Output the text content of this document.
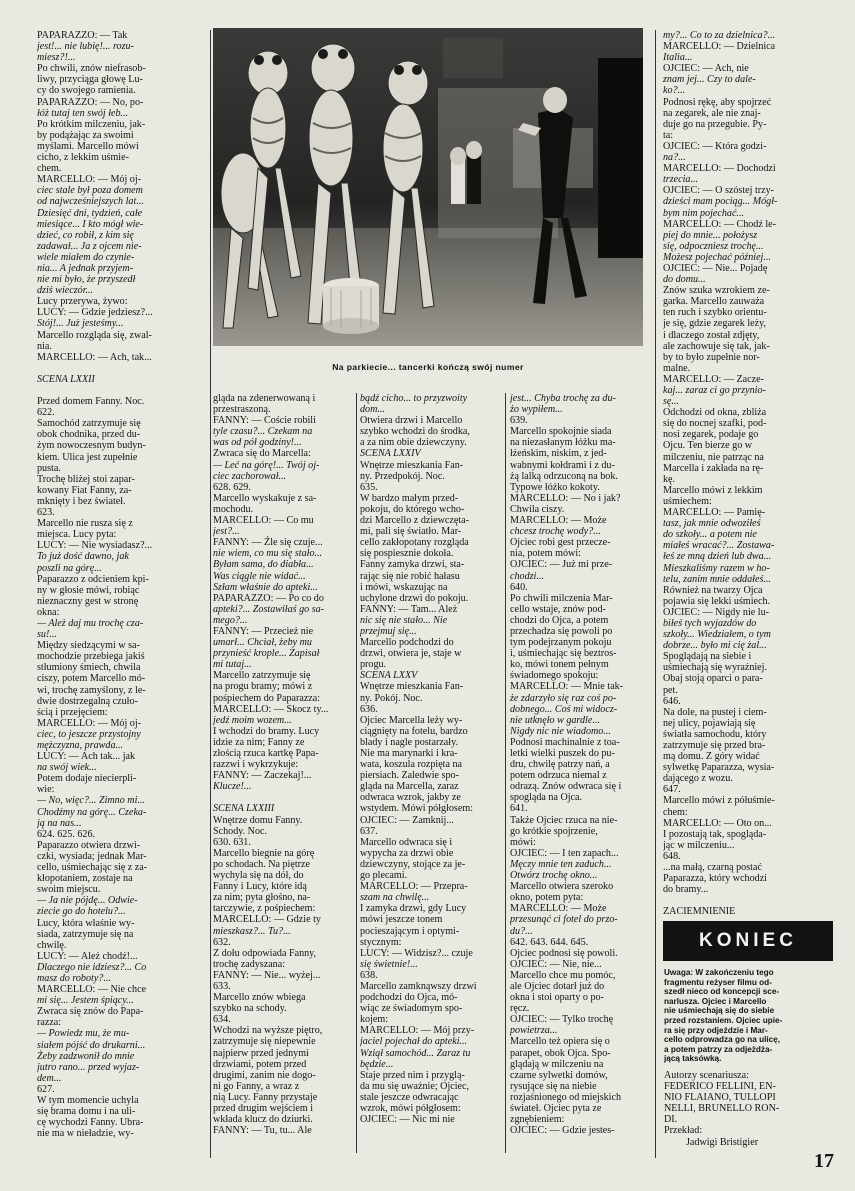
Na parkiecie... tancerki kończą swój numer

PAPARAZZO: — Tak

jest!... nie lubię!... rozu-

miesz?!...

Po chwili, znów niefrasob-

liwy, przyciąga głowę Lu-

cy do swojego ramienia.

PAPARAZZO: — No, po-

łóż tutaj ten swój łeb...

Po krótkim milczeniu, jak-

by podążając za swoimi

myślami. Marcello mówi

cicho, z lekkim uśmie-

chem.

MARCELLO: — Mój oj-

ciec stale był poza domem

od najwcześniejszych lat...

Dziesięć dni, tydzień, całe

miesiące... I kto mógł wie-

dzieć, co robił, z kim się

zadawał... Ja z ojcem nie-

wiele miałem do czynie-

nia... A jednak przyjem-

nie mi było, że przyszedł

dziś wieczór...

Lucy przerywa, żywo:

LUCY: — Gdzie jedziesz?...

Stój!... Już jesteśmy...

Marcello rozgląda się, zwal-

nia.

MARCELLO: — Ach, tak...

SCENA LXXII

Przed domem Fanny. Noc.

622.

Samochód zatrzymuje się

obok chodnika, przed du-

żym nowoczesnym budyn-

kiem. Ulica jest zupełnie

pusta.

Trochę bliżej stoi zapar-

kowany Fiat Fanny, za-

mknięty i bez świateł.

623.

Marcello nie rusza się z

miejsca. Lucy pyta:

LUCY: — Nie wysiadasz?...

To już dość dawno, jak

poszli na górę...

Paparazzo z odcieniem kpi-

ny w głosie mówi, robiąc

nieznaczny gest w stronę

okna:

— Ależ daj mu trochę cza-

su!...

Między siedzącymi w sa-

mochodzie przebiega jakiś

stłumiony śmiech, chwila

ciszy, potem Marcello mó-

wi, trochę zamyślony, z le-

dwie dostrzegalną czuło-

ścią i przejęciem:

MARCELLO: — Mój oj-

ciec, to jeszcze przystojny

mężczyzna, prawda...

LUCY: — Ach tak... jak

na swój wiek...

Potem dodaje niecierpli-

wie:

— No, więc?... Zimno mi...

Chodźmy na górę... Czeka-

ją na nas...

624. 625. 626.

Paparazzo otwiera drzwi-

czki, wysiada; jednak Mar-

cello, uśmiechając się z za-

kłopotaniem, zostaje na

swoim miejscu.

— Ja nie pójdę... Odwie-

ziecie go do hotelu?...

Lucy, która właśnie wy-

siada, zatrzymuje się na

chwilę.

LUCY: — Ależ chodź!...

Dlaczego nie idziesz?... Co

masz do roboty?...

MARCELLO: — Nie chce

mi się... Jestem śpiący...

Zwraca się znów do Papa-

razza:

— Powiedz mu, że mu-

siałem pójść do drukarni...

Żeby zadzwonił do mnie

jutro rano... przed wyjaz-

dem...

627.

W tym momencie uchyla

się brama domu i na uli-

cę wychodzi Fanny. Ubra-

nie ma w nieładzie, wy-

gląda na zdenerwowaną i

przestraszoną.

FANNY: — Coście robili

tyle czasu?... Czekam na

was od pół godziny!...

Zwraca się do Marcella:

— Leć na górę!... Twój oj-

ciec zachorował...

628. 629.

Marcello wyskakuje z sa-

mochodu.

MARCELLO: — Co mu

jest?...

FANNY: — Źle się czuje...

nie wiem, co mu się stało...

Byłam sama, do diabła...

Was ciągle nie widać...

Szłam właśnie do apteki...

PAPARAZZO: — Po co do

apteki?... Zostawiłaś go sa-

mego?...

FANNY: — Przecież nie

umarł... Chciał, żeby mu

przynieść krople... Zapisał

mi tutaj...

Marcello zatrzymuje się

na progu bramy; mówi z

pośpiechem do Paparazza:

MARCELLO: — Skocz ty...

jedź moim wozem...

I wchodzi do bramy. Lucy

idzie za nim; Fanny ze

złością rzuca kartkę Papa-

razzwi i wykrzykuje:

FANNY: — Zaczekaj!...

Klucze!...

SCENA LXXIII

Wnętrze domu Fanny.

Schody. Noc.

630. 631.

Marcello biegnie na górę

po schodach. Na piętrze

wychyla się na dół, do

Fanny i Lucy, które idą

za nim; pyta głośno, na-

tarczywie, z pośpiechem:

MARCELLO: — Gdzie ty

mieszkasz?... Tu?...

632.

Z dołu odpowiada Fanny,

trochę zadyszana:

FANNY: — Nie... wyżej...

633.

Marcello znów wbiega

szybko na schody.

634.

Wchodzi na wyższe piętro,

zatrzymuje się niepewnie

najpierw przed jednymi

drzwiami, potem przed

drugimi, zanim nie dogo-

ni go Fanny, a wraz z

nią Lucy. Fanny przystaje

przed drugim wejściem i

wkłada klucz do dziurki.

FANNY: — Tu, tu... Ale

bądź cicho... to przyzwoity

dom...

Otwiera drzwi i Marcello

szybko wchodzi do środka,

a za nim obie dziewczyny.

SCENA LXXIV

Wnętrze mieszkania Fan-

ny. Przedpokój. Noc.

635.

W bardzo małym przed-

pokoju, do którego wcho-

dzi Marcello z dziewczęta-

mi, pali się światło. Mar-

cello zakłopotany rozgląda

się pospiesznie dokoła.

Fanny zamyka drzwi, sta-

rając się nie robić hałasu

i mówi, wskazując na

uchylone drzwi do pokoju.

FANNY: — Tam... Ależ

nic się nie stało... Nie

przejmuj się...

Marcello podchodzi do

drzwi, otwiera je, staje w

progu.

SCENA LXXV

Wnętrze mieszkania Fan-

ny. Pokój. Noc.

636.

Ojciec Marcella leży wy-

ciągnięty na fotelu, bardzo

blady i nagle postarzały.

Nie ma marynarki i kra-

wata, koszula rozpięta na

piersiach. Zaledwie spo-

gląda na Marcella, zaraz

odwraca wzrok, jakby ze

wstydem. Mówi półgłosem:

OJCIEC: — Zamknij...

637.

Marcello odwraca się i

wypycha za drzwi obie

dziewczyny, stojące za je-

go plecami.

MARCELLO: — Przepra-

szam na chwilę...

I zamyka drzwi, gdy Lucy

mówi jeszcze tonem

pocieszającym i optymi-

stycznym:

LUCY: — Widzisz?... czuje

się świetnie!...

638.

Marcello zamknąwszy drzwi

podchodzi do Ojca, mó-

wiąc ze świadomym spo-

kojem:

MARCELLO: — Mój przy-

jaciel pojechał do apteki...

Wziął samochód... Zaraz tu

będzie...

Staje przed nim i przyglą-

da mu się uważnie; Ojciec,

stale jeszcze odwracając

wzrok, mówi półgłosem:

OJCIEC: — Nic mi nie

jest... Chyba trochę za du-

żo wypiłem...

639.

Marcello spokojnie siada

na niezasłanym łóżku ma-

łżeńskim, niskim, z jed-

wabnymi kołdrami i z du-

żą lalką odrzuconą na bok.

Typowe łóżko kokoty.

MARCELLO: — No i jak?

Chwila ciszy.

MARCELLO: — Może

chcesz trochę wody?...

Ojciec robi gest przecze-

nia, potem mówi:

OJCIEC: — Już mi prze-

chodzi...

640.

Po chwili milczenia Mar-

cello wstaje, znów pod-

chodzi do Ojca, a potem

przechadza się powoli po

tym podejrzanym pokoju

i, uśmiechając się beztros-

ko, mówi tonem pełnym

świadomego spokoju:

MARCELLO: — Mnie tak-

że zdarzyło się raz coś po-

dobnego... Coś mi widocz-

nie utknęło w gardle...

Nigdy nic nie wiadomo...

Podnosi machinalnie z toa-

letki wielki puszek do pu-

dru, chwilę patrzy nań, a

potem odrzuca niemal z

odrazą. Znów odwraca się i

spogląda na Ojca.

641.

Także Ojciec rzuca na nie-

go krótkie spojrzenie,

mówi:

OJCIEC: — I ten zapach...

Męczy mnie ten zaduch...

Otwórz trochę okno...

Marcello otwiera szeroko

okno, potem pyta:

MARCELLO: — Może

przesunąć ci fotel do przo-

du?...

642. 643. 644. 645.

Ojciec podnosi się powoli.

OJCIEC: — Nie, nie...

Marcello chce mu pomóc,

ale Ojciec dotarł już do

okna i stoi oparty o po-

ręcz.

OJCIEC: — Tylko trochę

powietrza...

Marcello też opiera się o

parapet, obok Ojca. Spo-

glądają w milczeniu na

czarne sylwetki domów,

rysujące się na niebie

rozjaśnionego od miejskich

świateł. Ojciec pyta ze

zgnębieniem:

OJCIEC: — Gdzie jestes-

my?... Co to za dzielnica?...

MARCELLO: — Dzielnica

Italia...

OJCIEC: — Ach, nie

znam jej... Czy to dale-

ko?...

Podnosi rękę, aby spojrzeć

na zegarek, ale nie znaj-

duje go na przegubie. Py-

ta:

OJCIEC: — Która godzi-

na?...

MARCELLO: — Dochodzi

trzecia...

OJCIEC: — O szóstej trzy-

dzieści mam pociąg... Mógł-

bym nim pojechać...

MARCELLO: — Chodź le-

piej do mnie... położysz

się, odpoczniesz trochę...

Możesz pojechać później...

OJCIEC: — Nie... Pojadę

do domu...

Znów szuka wzrokiem ze-

garka. Marcello zauważa

ten ruch i szybko orientu-

je się, gdzie zegarek leży,

i dlaczego został zdjęty,

ale zachowuje się tak, jak-

by to było zupełnie nor-

malne.

MARCELLO: — Zacze-

kaj... zaraz ci go przynio-

sę...

Odchodzi od okna, zbliża

się do nocnej szafki, pod-

nosi zegarek, podaje go

Ojcu. Ten bierze go w

milczeniu, nie patrząc na

Marcella i zakłada na rę-

kę.

Marcello mówi z lekkim

uśmiechem:

MARCELLO: — Pamię-

tasz, jak mnie odwoziłeś

do szkoły... a potem nie

miałeś wracać?... Zostawa-

łeś ze mną dzień lub dwa...

Mieszkaliśmy razem w ho-

telu, zanim mnie oddałeś...

Również na twarzy Ojca

pojawia się lekki uśmiech.

OJCIEC: — Nigdy nie lu-

biłeś tych wyjazdów do

szkoły... Wiedziałem, o tym

dobrze... było mi cię żal...

Spoglądają na siebie i

uśmiechają się wyraźniej.

Obaj stoją oparci o para-

pet.

646.

Na dole, na pustej i ciem-

nej ulicy, pojawiają się

światła samochodu, który

zatrzymuje się przed bra-

mą domu. Z góry widać

sylwetkę Paparazza, wysia-

dającego z wozu.

647.

Marcello mówi z półuśmie-

chem:

MARCELLO: — Oto on...

I pozostają tak, spogląda-

jąc w milczeniu...

648.

...na małą, czarną postać

Paparazza, który wchodzi

do bramy...

ZACIEMNIENIE

KONIEC

Uwaga: W zakończeniu tego

fragmentu reżyser filmu od-

szedł nieco od koncepcji sce-

narlusza. Ojciec i Marcello

nie uśmiechają się do siebie

przed rozstaniem. Ojciec upie-

ra się przy odjeździe i Mar-

cello odprowadza go na ulicę,

a potem patrzy za odjeżdża-

jącą taksówką.

Autorzy scenariusza:

FEDERICO FELLINI, EN-

NIO FLAIANO, TULLOPI

NELLI, BRUNELLO RON-

DI.

Przekład:

Jadwigi Bristigier

17
